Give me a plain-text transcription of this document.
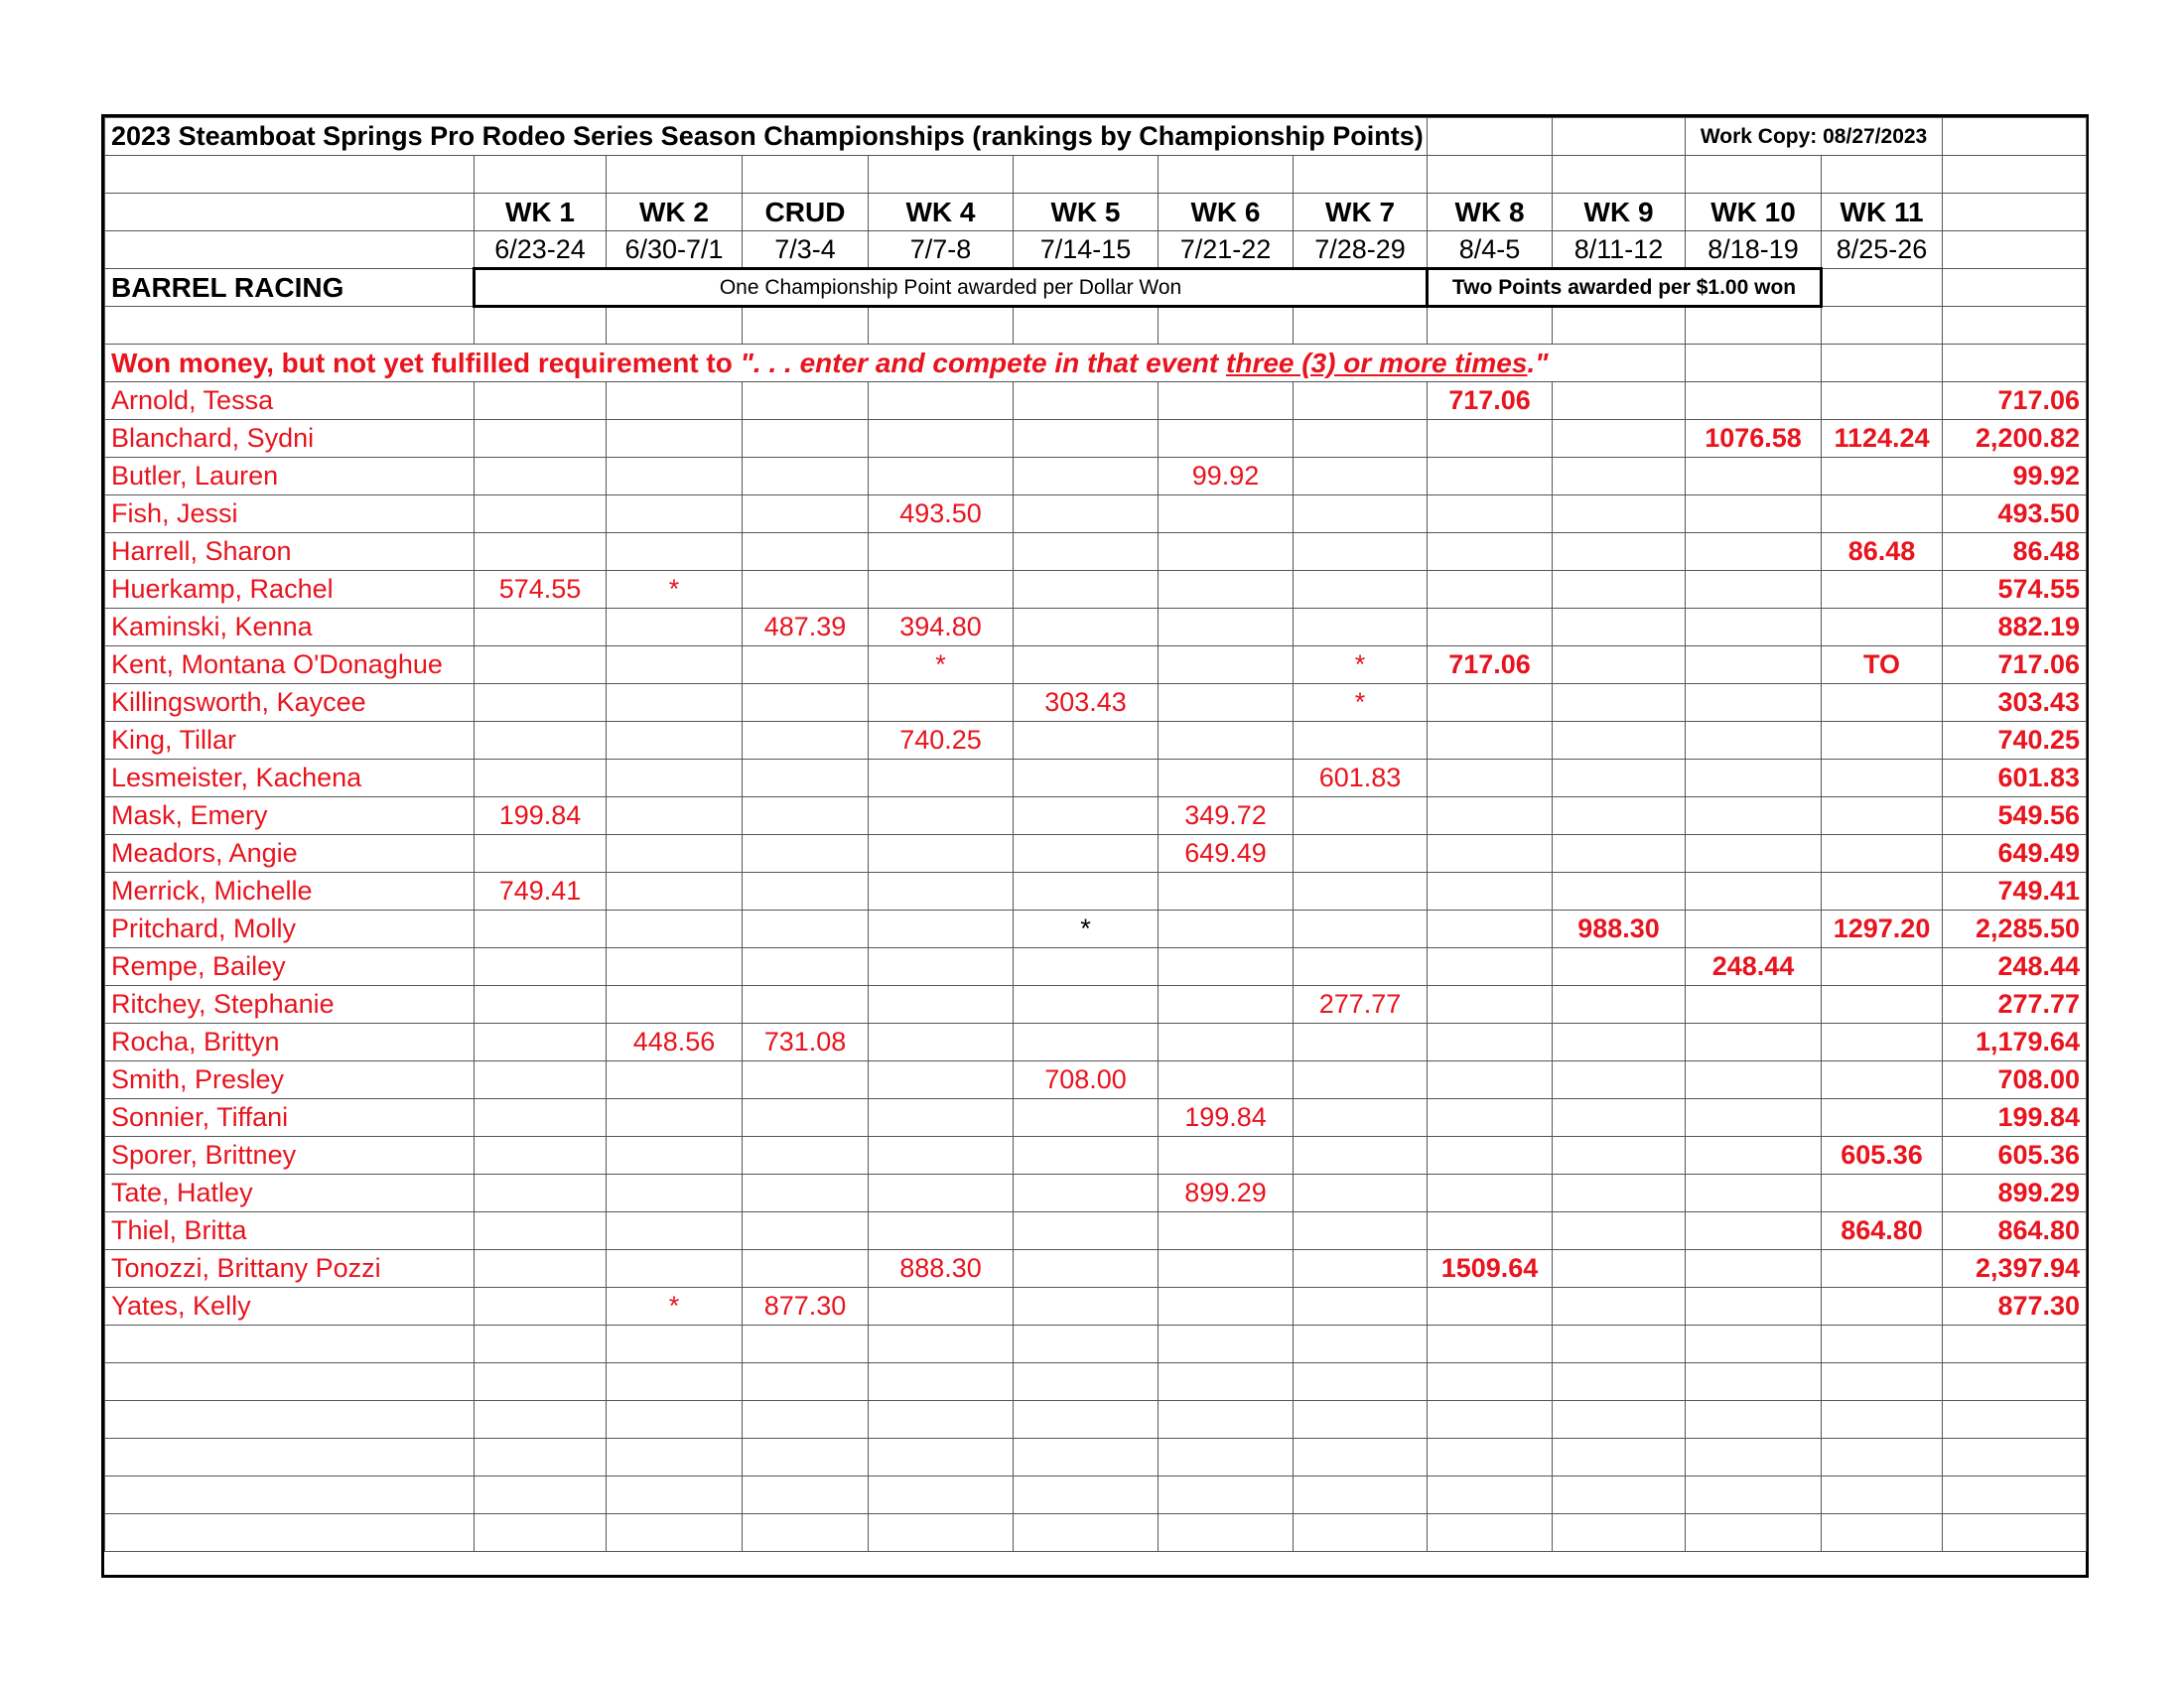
2023 Steamboat Springs Pro Rodeo Series Season Championships (rankings by Championship Points)										Work Copy: 08/27/2023		

	WK 1	WK 2	CRUD	WK 4	WK 5	WK 6	WK 7	WK 8	WK 9	WK 10	WK 11	
	6/23-24	6/30-7/1	7/3-4	7/7-8	7/14-15	7/21-22	7/28-29	8/4-5	8/11-12	8/18-19	8/25-26	
BARREL RACING	One Championship Point awarded per Dollar Won							Two Points awarded per $1.00 won				

Won money, but not yet fulfilled requirement to ". . . enter and compete in that event three (3) or more times."												
Arnold, Tessa								717.06				717.06
Blanchard, Sydni										1076.58	1124.24	2,200.82
Butler, Lauren						99.92						99.92
Fish, Jessi				493.50								493.50
Harrell, Sharon											86.48	86.48
Huerkamp, Rachel	574.55	*										574.55
Kaminski, Kenna			487.39	394.80								882.19
Kent, Montana O'Donaghue				*			*	717.06			TO	717.06
Killingsworth, Kaycee					303.43		*					303.43
King, Tillar				740.25								740.25
Lesmeister, Kachena							601.83					601.83
Mask, Emery	199.84					349.72						549.56
Meadors, Angie						649.49						649.49
Merrick, Michelle	749.41											749.41
Pritchard, Molly					*				988.30		1297.20	2,285.50
Rempe, Bailey										248.44		248.44
Ritchey, Stephanie							277.77					277.77
Rocha, Brittyn		448.56	731.08									1,179.64
Smith, Presley					708.00							708.00
Sonnier, Tiffani						199.84						199.84
Sporer, Brittney											605.36	605.36
Tate, Hatley						899.29						899.29
Thiel, Britta											864.80	864.80
Tonozzi, Brittany Pozzi				888.30				1509.64				2,397.94
Yates, Kelly		*	877.30									877.30
